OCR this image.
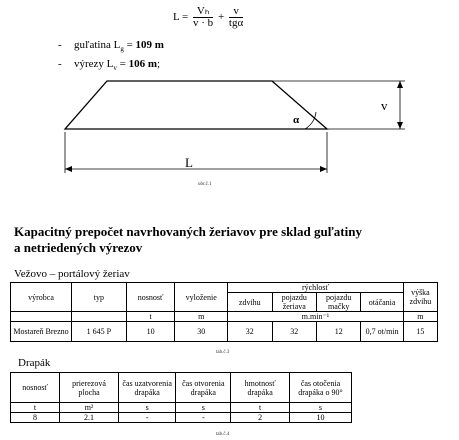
$L = \frac{\text{Vₕ}}{v \cdot b} + \frac{v}{\text{tgα}}$
- guľatina $L_g = 109$ m
- výrezy $L_v = 106$ m;
v
α
L
obr.č.1
Kapacitný prepočet navrhovaných žeriavov pre sklad guľatiny
a netriedených výrezov
Vežovo – portálový žeriav
výrobca	typ	nosnosť	vyloženie	rýchlosť				výška zdvihu
				zdvihu	pojazdu žeriava	pojazdu mačky	otáčania	
		t	m	m.min⁻¹				m
Mostareň Brezno	1 645 P	10	30	32	32	12	0,7 ot/min	15
tab.č.3
Drapák
nosnosť	prierezová plocha	čas uzatvorenia drapáka	čas otvorenia drapáka	hmotnosť drapáka	čas otočenia drapáka o 90°
t	m²	s	s	t	s
8	2.1	-	-	2	10
tab.č.4
